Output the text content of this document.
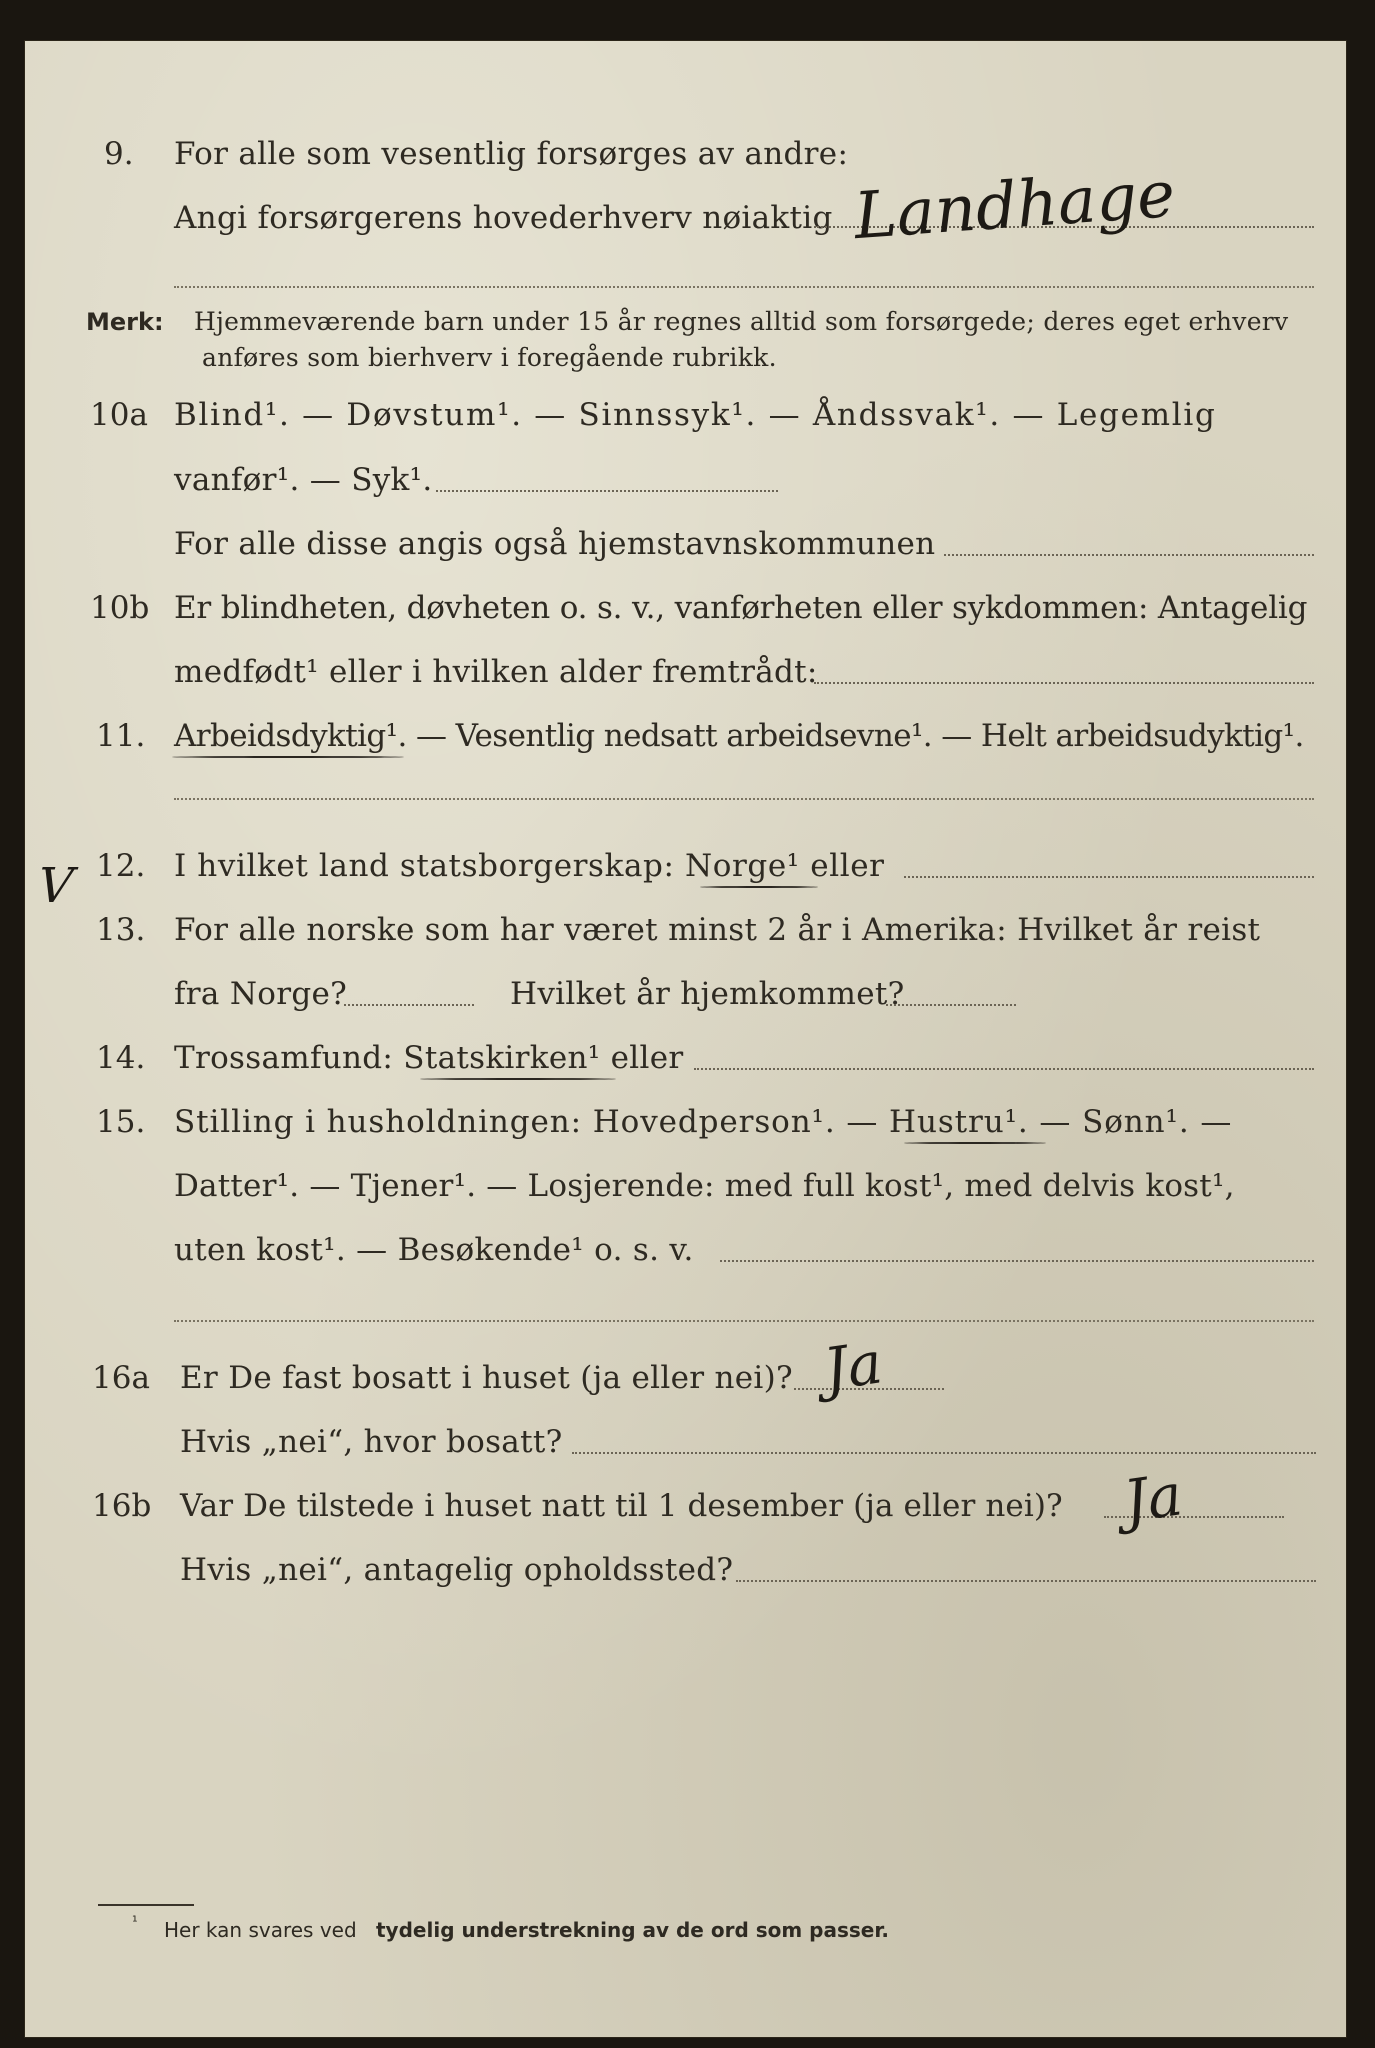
9. For alle som vesentlig forsørges av andre:
Angi forsørgerens hovederhverv nøiaktig Landhage
Merk: Hjemmeværende barn under 15 år regnes alltid som forsørgede; deres eget erhverv
anføres som bierhverv i foregående rubrikk.
10a Blind¹. — Døvstum¹. — Sinnssyk¹. — Åndssvak¹. — Legemlig
vanfør¹. — Syk¹.
For alle disse angis også hjemstavnskommunen
10b Er blindheten, døvheten o. s. v., vanførheten eller sykdommen: Antagelig
medfødt¹ eller i hvilken alder fremtrådt:
11. Arbeidsdyktig¹. — Vesentlig nedsatt arbeidsevne¹. — Helt arbeidsudyktig¹.
V 12. I hvilket land statsborgerskap: Norge¹ eller
13. For alle norske som har været minst 2 år i Amerika: Hvilket år reist
fra Norge?	Hvilket år hjemkommet?
14. Trossamfund: Statskirken¹ eller
15. Stilling i husholdningen: Hovedperson¹. — Hustru¹. — Sønn¹. —
Datter¹. — Tjener¹. — Losjerende: med full kost¹, med delvis kost¹,
uten kost¹. — Besøkende¹ o. s. v.
16a Er De fast bosatt i huset (ja eller nei)? Ja
Hvis „nei“, hvor bosatt?
16b Var De tilstede i huset natt til 1 desember (ja eller nei)? Ja
Hvis „nei“, antagelig opholdssted?
¹ Her kan svares ved tydelig understrekning av de ord som passer.
